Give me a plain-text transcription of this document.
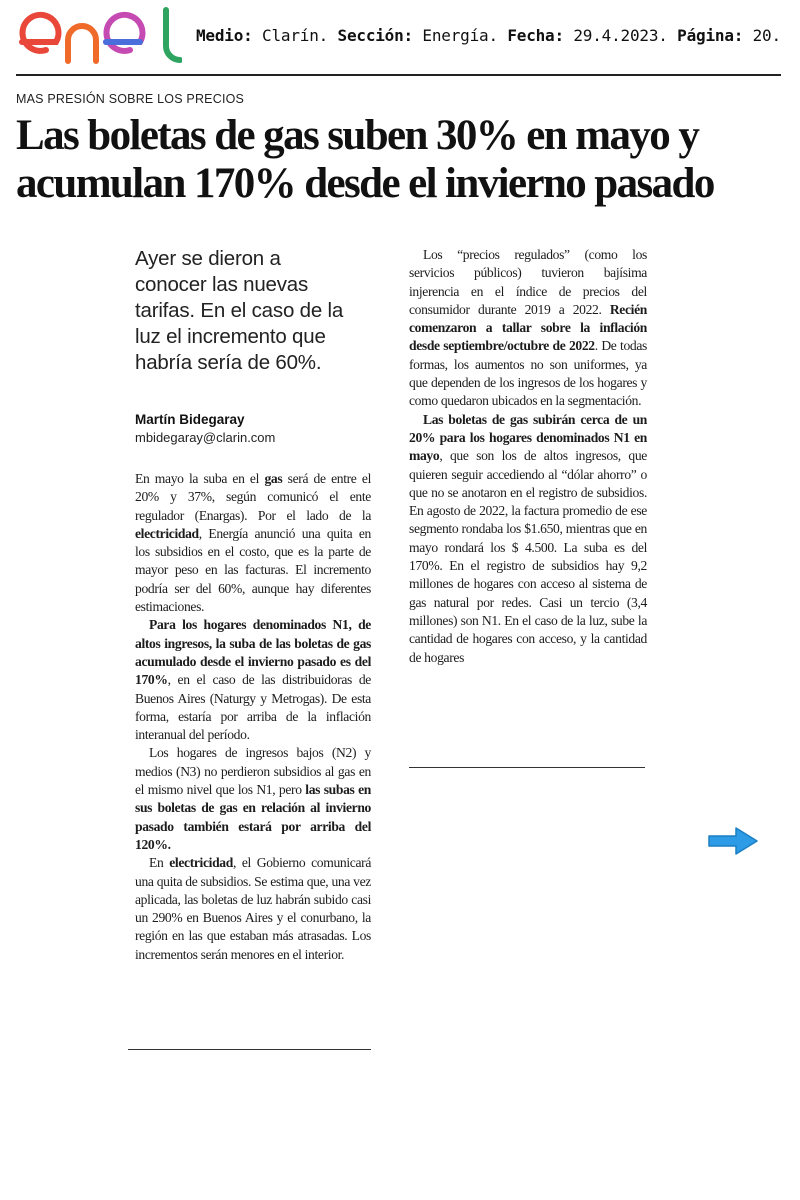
Medio: Clarín. Sección: Energía. Fecha: 29.4.2023. Página: 20.
MAS PRESIÓN SOBRE LOS PRECIOS
Las boletas de gas suben 30% en mayo y
acumulan 170% desde el invierno pasado
Ayer se dieron a
conocer las nuevas
tarifas. En el caso de la
luz el incremento que
habría sería de 60%.
Martín Bidegaray
mbidegaray@clarin.com

En mayo la suba en el gas será de entre el 20% y 37%, según comunicó el ente regulador (Enargas). Por el lado de la electricidad, Energía anunció una quita en los subsidios en el costo, que es la parte de mayor peso en las facturas. El incremento podría ser del 60%, aunque hay diferentes estimaciones.

Para los hogares denominados N1, de altos ingresos, la suba de las boletas de gas acumulado desde el invierno pasado es del 170%, en el caso de las distribuidoras de Buenos Aires (Naturgy y Metrogas). De esta forma, estaría por arriba de la inflación interanual del período.

Los hogares de ingresos bajos (N2) y medios (N3) no perdieron subsidios al gas en el mismo nivel que los N1, pero las subas en sus boletas de gas en relación al invierno pasado también estará por arriba del 120%.

En electricidad, el Gobierno comunicará una quita de subsidios. Se estima que, una vez aplicada, las boletas de luz habrán subido casi un 290% en Buenos Aires y el conurbano, la región en las que estaban más atrasadas. Los incrementos serán menores en el interior.

Los “precios regulados” (como los servicios públicos) tuvieron bajísima injerencia en el índice de precios del consumidor durante 2019 a 2022. Recién comenzaron a tallar sobre la inflación desde septiembre/octubre de 2022. De todas formas, los aumentos no son uniformes, ya que dependen de los ingresos de los hogares y como quedaron ubicados en la segmentación.

Las boletas de gas subirán cerca de un 20% para los hogares denominados N1 en mayo, que son los de altos ingresos, que quieren seguir accediendo al “dólar ahorro” o que no se anotaron en el registro de subsidios. En agosto de 2022, la factura promedio de ese segmento rondaba los $1.650, mientras que en mayo rondará los $ 4.500. La suba es del 170%. En el registro de subsidios hay 9,2 millones de hogares con acceso al sistema de gas natural por redes. Casi un tercio (3,4 millones) son N1. En el caso de la luz, sube la cantidad de hogares con acceso, y la cantidad de hogares
